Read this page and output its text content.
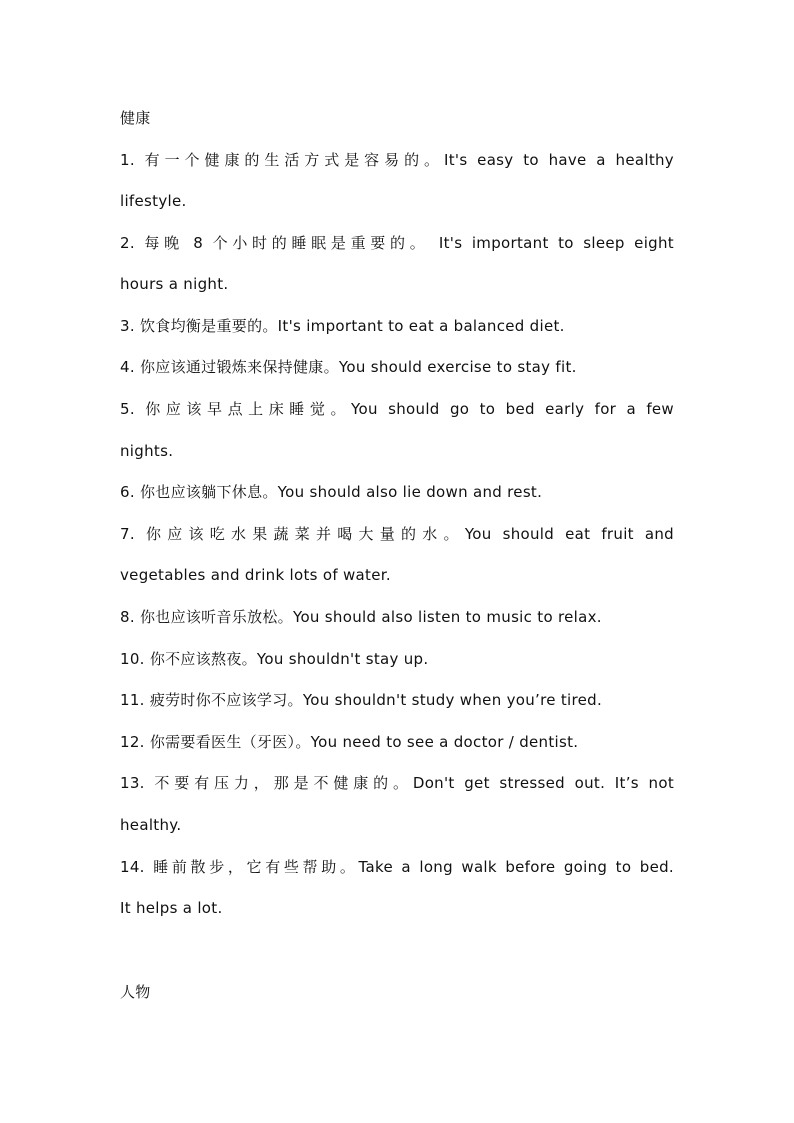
健康

1. 有一个健康的生活方式是容易的。It's easy to have a healthy

lifestyle.

2. 每晚 8 个小时的睡眠是重要的。 It's important to sleep eight

hours a night.

3. 饮食均衡是重要的。It's important to eat a balanced diet.

4. 你应该通过锻炼来保持健康。You should exercise to stay fit.

5. 你应该早点上床睡觉。You should go to bed early for a few

nights.

6. 你也应该躺下休息。You should also lie down and rest.

7. 你应该吃水果蔬菜并喝大量的水。You should eat fruit and

vegetables and drink lots of water.

8. 你也应该听音乐放松。You should also listen to music to relax.

10. 你不应该熬夜。You shouldn't stay up.

11. 疲劳时你不应该学习。You shouldn't study when you’re tired.

12. 你需要看医生（牙医）。You need to see a doctor / dentist.

13. 不要有压力，那是不健康的。Don't get stressed out. It’s not

healthy.

14. 睡前散步，它有些帮助。Take a long walk before going to bed.

It helps a lot.

人物
